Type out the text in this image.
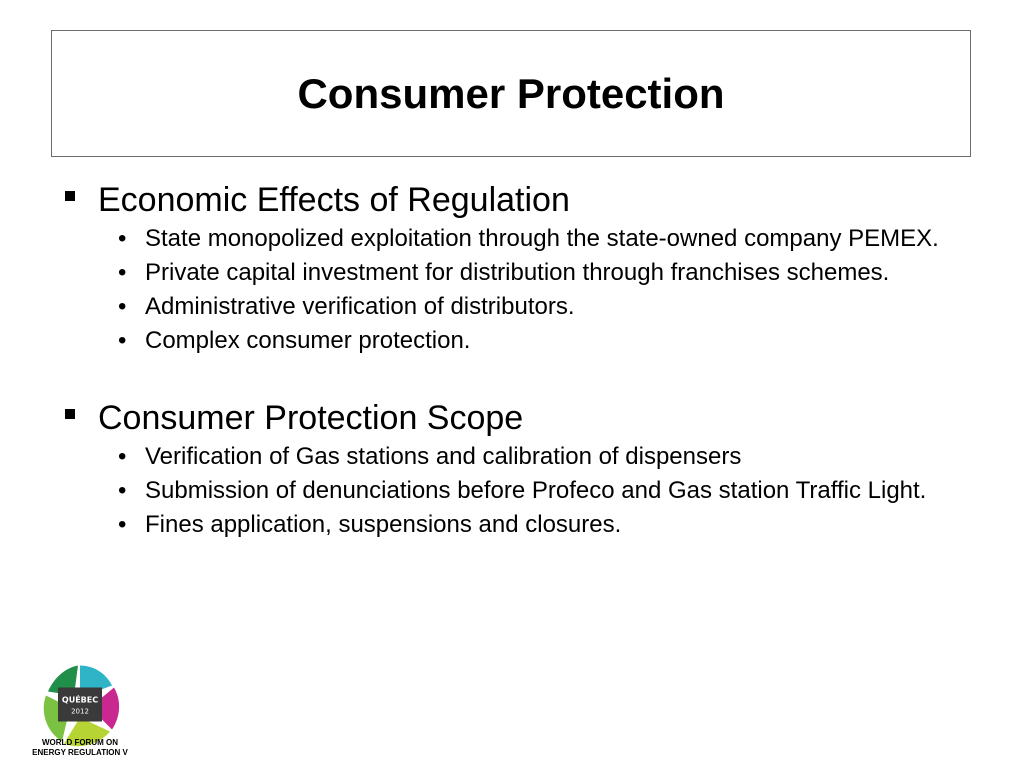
Consumer Protection
Economic Effects of Regulation
• State monopolized exploitation through the state-owned company PEMEX.
• Private capital investment for distribution through franchises schemes.
• Administrative verification of distributors.
• Complex consumer protection.
Consumer Protection Scope
• Verification of Gas stations and calibration of dispensers
• Submission of denunciations before Profeco and Gas station Traffic Light.
• Fines application, suspensions and closures.
QUÉBEC
2012
WORLD FORUM ON
ENERGY REGULATION V
